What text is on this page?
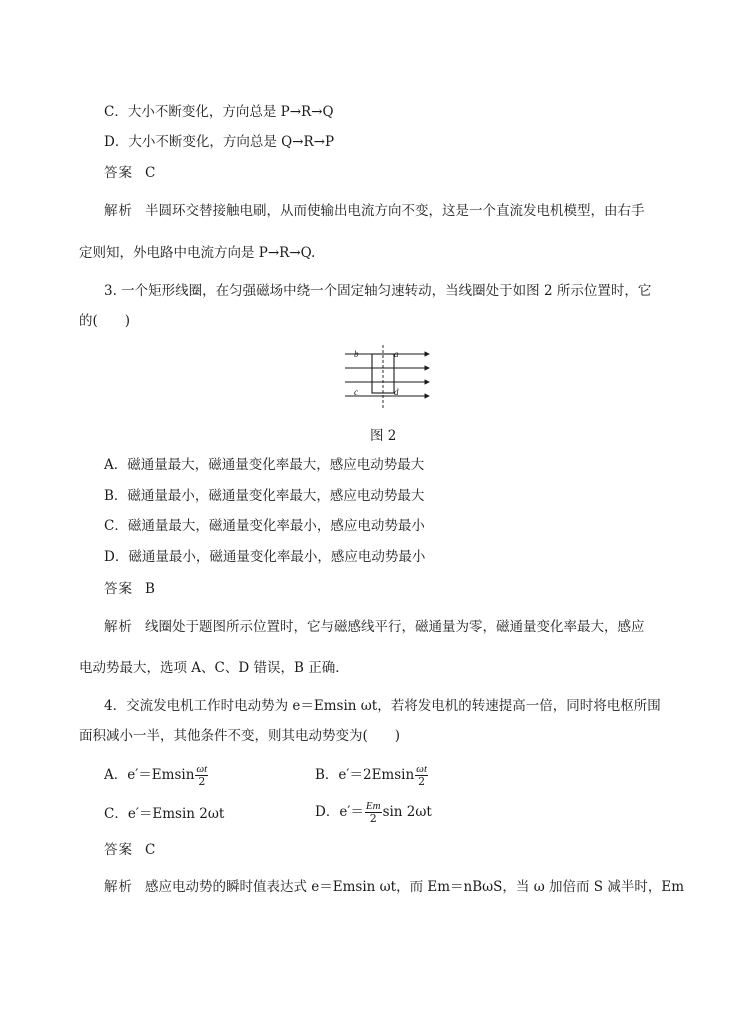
C．大小不断变化，方向总是 P→R→Q
D．大小不断变化，方向总是 Q→R→P
答案 C
解析 半圆环交替接触电刷，从而使输出电流方向不变，这是一个直流发电机模型，由右手
定则知，外电路中电流方向是 P→R→Q.
3. 一个矩形线圈，在匀强磁场中绕一个固定轴匀速转动，当线圈处于如图 2 所示位置时，它
的(　　)
b	a
c	d
图 2
A．磁通量最大，磁通量变化率最大，感应电动势最大
B．磁通量最小，磁通量变化率最大，感应电动势最大
C．磁通量最大，磁通量变化率最小，感应电动势最小
D．磁通量最小，磁通量变化率最小，感应电动势最小
答案 B
解析 线圈处于题图所示位置时，它与磁感线平行，磁通量为零，磁通量变化率最大，感应
电动势最大，选项 A、C、D 错误，B 正确．
4．交流发电机工作时电动势为 e＝Emsin ωt，若将发电机的转速提高一倍，同时将电枢所围
面积减小一半，其他条件不变，则其电动势变为(　　)
A．$e'=Emsin \frac{\omega t}{2}$	B．$e'=2Emsin \frac{\omega t}{2}$
C．e′＝Emsin 2ωt	D．$e'= \frac{Em}{2}$ sin 2ωt
答案 C
解析 感应电动势的瞬时值表达式 e＝Emsin ωt，而 Em＝nBωS，当 ω 加倍而 S 减半时，Em
